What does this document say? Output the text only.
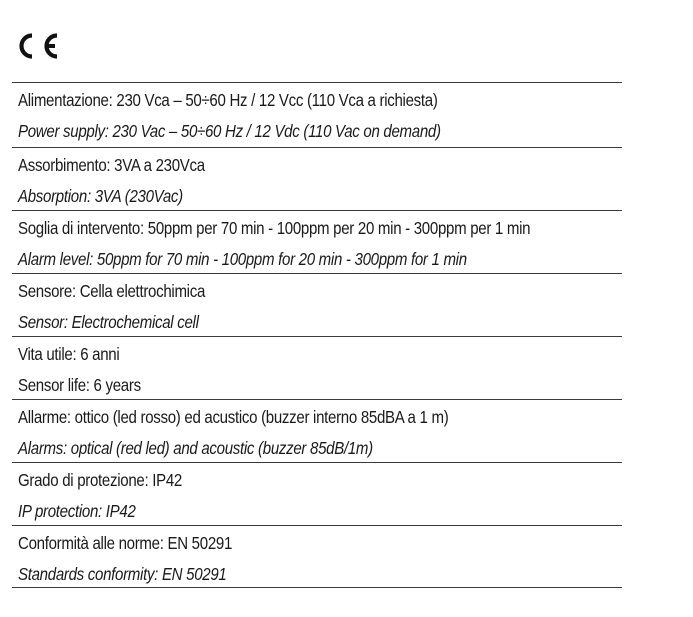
Alimentazione: 230 Vca – 50÷60 Hz / 12 Vcc (110 Vca a richiesta)
Power supply: 230 Vac – 50÷60 Hz / 12 Vdc (110 Vac on demand)
Assorbimento: 3VA a 230Vca
Absorption: 3VA (230Vac)
Soglia di intervento: 50ppm per 70 min - 100ppm per 20 min - 300ppm per 1 min
Alarm level: 50ppm for 70 min - 100ppm for 20 min - 300ppm for 1 min
Sensore: Cella elettrochimica
Sensor: Electrochemical cell
Vita utile: 6 anni
Sensor life: 6 years
Allarme: ottico (led rosso) ed acustico (buzzer interno 85dBA a 1 m)
Alarms: optical (red led) and acoustic (buzzer 85dB/1m)
Grado di protezione: IP42
IP protection: IP42
Conformità alle norme: EN 50291
Standards conformity: EN 50291
